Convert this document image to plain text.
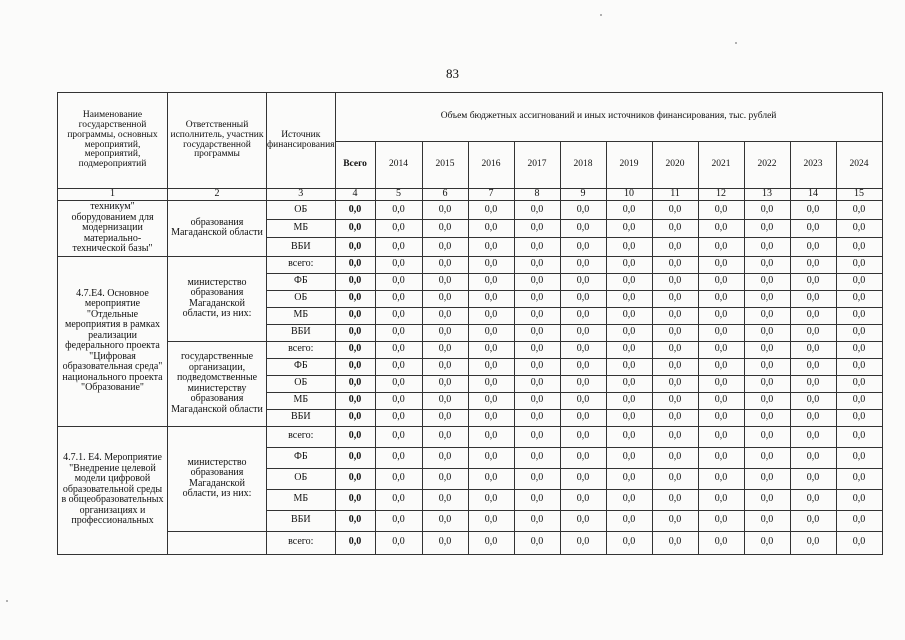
83
Наименование государственной программы, основных мероприятий, мероприятий, подмероприятий	Ответственный исполнитель, участник государственной программы	Источник финансирования	Объем бюджетных ассигнований и иных источников финансирования, тыс. рублей											
			Всего	2014	2015	2016	2017	2018	2019	2020	2021	2022	2023	2024
1	2	3	4	5	6	7	8	9	10	11	12	13	14	15
техникум" оборудованием для модернизации материально-технической базы"	образования Магаданской области	ОБ	0,0	0,0	0,0	0,0	0,0	0,0	0,0	0,0	0,0	0,0	0,0	0,0
		МБ	0,0	0,0	0,0	0,0	0,0	0,0	0,0	0,0	0,0	0,0	0,0	0,0
		ВБИ	0,0	0,0	0,0	0,0	0,0	0,0	0,0	0,0	0,0	0,0	0,0	0,0
4.7.Е4. Основное мероприятие "Отдельные мероприятия в рамках реализации федерального проекта "Цифровая образовательная среда" национального проекта "Образование"	министерство образования Магаданской области, из них:	всего:	0,0	0,0	0,0	0,0	0,0	0,0	0,0	0,0	0,0	0,0	0,0	0,0
		ФБ	0,0	0,0	0,0	0,0	0,0	0,0	0,0	0,0	0,0	0,0	0,0	0,0
		ОБ	0,0	0,0	0,0	0,0	0,0	0,0	0,0	0,0	0,0	0,0	0,0	0,0
		МБ	0,0	0,0	0,0	0,0	0,0	0,0	0,0	0,0	0,0	0,0	0,0	0,0
		ВБИ	0,0	0,0	0,0	0,0	0,0	0,0	0,0	0,0	0,0	0,0	0,0	0,0
	государственные организации, подведомственные министерству образования Магаданской области	всего:	0,0	0,0	0,0	0,0	0,0	0,0	0,0	0,0	0,0	0,0	0,0	0,0
		ФБ	0,0	0,0	0,0	0,0	0,0	0,0	0,0	0,0	0,0	0,0	0,0	0,0
		ОБ	0,0	0,0	0,0	0,0	0,0	0,0	0,0	0,0	0,0	0,0	0,0	0,0
		МБ	0,0	0,0	0,0	0,0	0,0	0,0	0,0	0,0	0,0	0,0	0,0	0,0
		ВБИ	0,0	0,0	0,0	0,0	0,0	0,0	0,0	0,0	0,0	0,0	0,0	0,0
4.7.1. Е4. Мероприятие "Внедрение целевой модели цифровой образовательной среды в общеобразовательных организациях и профессиональных	министерство образования Магаданской области, из них:	всего:	0,0	0,0	0,0	0,0	0,0	0,0	0,0	0,0	0,0	0,0	0,0	0,0
		ФБ	0,0	0,0	0,0	0,0	0,0	0,0	0,0	0,0	0,0	0,0	0,0	0,0
		ОБ	0,0	0,0	0,0	0,0	0,0	0,0	0,0	0,0	0,0	0,0	0,0	0,0
		МБ	0,0	0,0	0,0	0,0	0,0	0,0	0,0	0,0	0,0	0,0	0,0	0,0
		ВБИ	0,0	0,0	0,0	0,0	0,0	0,0	0,0	0,0	0,0	0,0	0,0	0,0
		всего:	0,0	0,0	0,0	0,0	0,0	0,0	0,0	0,0	0,0	0,0	0,0	0,0
